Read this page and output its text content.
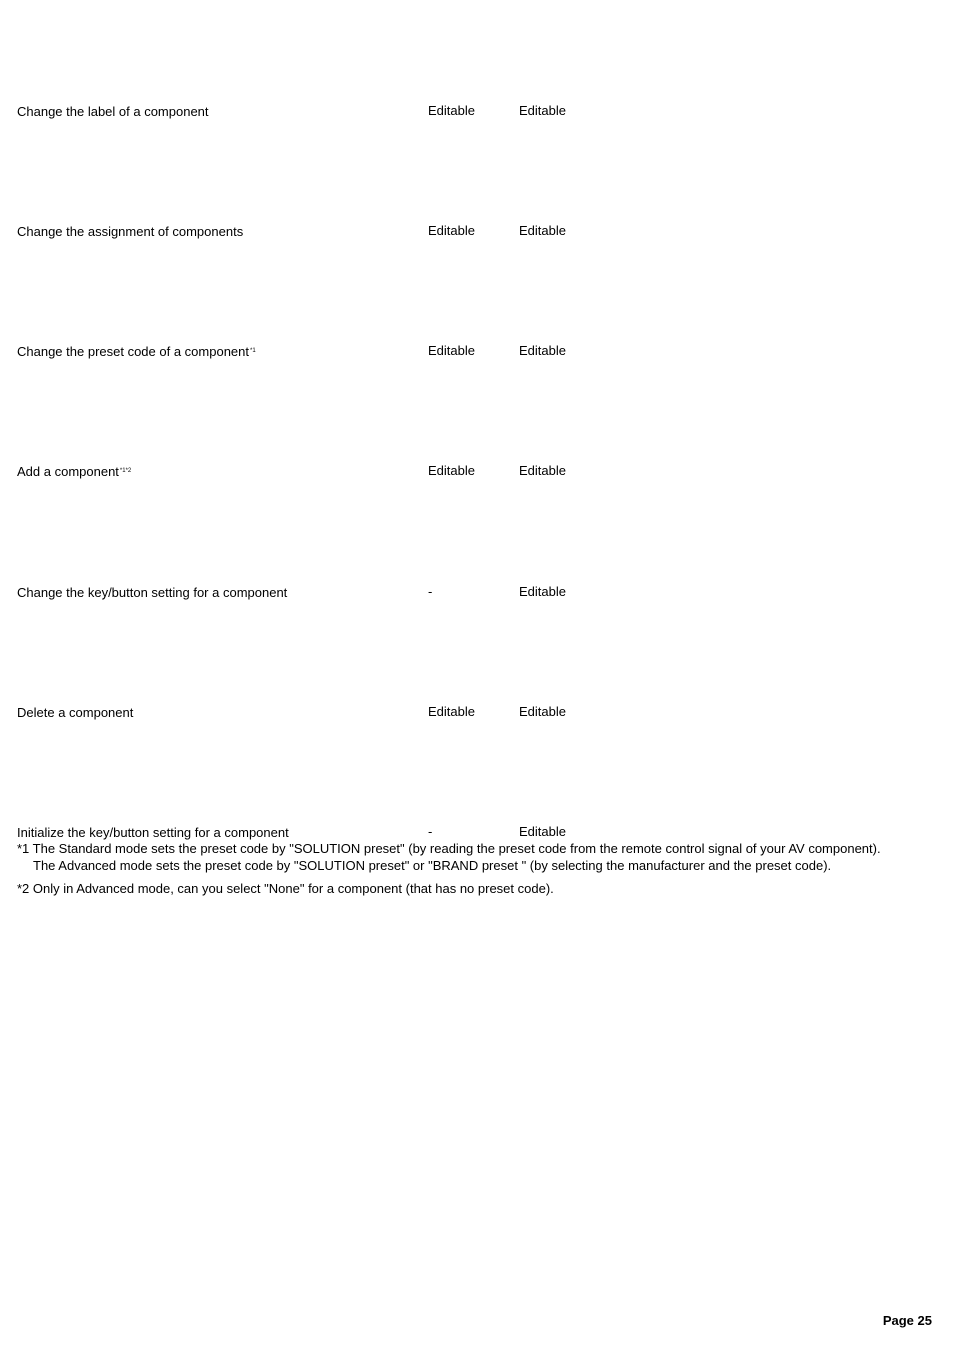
Change the label of a component	Editable	Editable
Change the assignment of components	Editable	Editable
Change the preset code of a component$^{*1}$	Editable	Editable
Add a component$^{*1*2}$	Editable	Editable
Change the key/button setting for a component	-	Editable
Delete a component	Editable	Editable
Initialize the key/button setting for a component	-	Editable
*1 The Standard mode sets the preset code by "SOLUTION preset" (by reading the preset code from the remote control signal of your AV component).
The Advanced mode sets the preset code by "SOLUTION preset" or "BRAND preset " (by selecting the manufacturer and the preset code).
*2 Only in Advanced mode, can you select "None" for a component (that has no preset code).
Page 25
